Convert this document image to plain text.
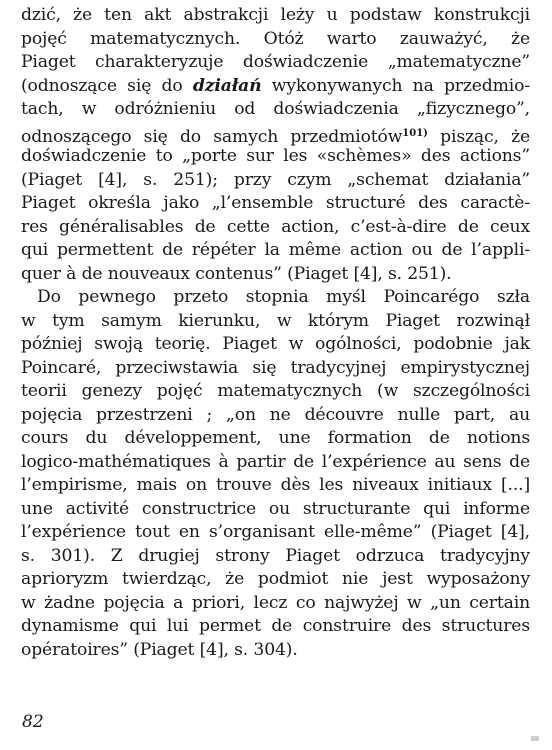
dzić, że ten akt abstrakcji leży u podstaw konstrukcji
pojęć matematycznych. Otóż warto zauważyć, że
Piaget charakteryzuje doświadczenie „matematyczne”
(odnoszące się do działań wykonywanych na przedmio-
tach, w odróżnieniu od doświadczenia „fizycznego”,
odnoszącego się do samych przedmiotów$^{101)}$ pisząc, że
doświadczenie to „porte sur les «schèmes» des actions”
(Piaget [4], s. 251); przy czym „schemat działania”
Piaget określa jako „l’ensemble structuré des caractè-
res généralisables de cette action, c’est-à-dire de ceux
qui permettent de répéter la même action ou de l’appli-
quer à de nouveaux contenus” (Piaget [4], s. 251).
Do pewnego przeto stopnia myśl Poincarégo szła
w tym samym kierunku, w którym Piaget rozwinął
później swoją teorię. Piaget w ogólności, podobnie jak
Poincaré, przeciwstawia się tradycyjnej empirystycznej
teorii genezy pojęć matematycznych (w szczególności
pojęcia przestrzeni ; „on ne découvre nulle part, au
cours du développement, une formation de notions
logico-mathématiques à partir de l’expérience au sens de
l’empirisme, mais on trouve dès les niveaux initiaux [...]
une activité constructrice ou structurante qui informe
l’expérience tout en s’organisant elle-même” (Piaget [4],
s. 301). Z drugiej strony Piaget odrzuca tradycyjny
aprioryzm twierdząc, że podmiot nie jest wyposażony
w żadne pojęcia a priori, lecz co najwyżej w „un certain
dynamisme qui lui permet de construire des structures
opératoires” (Piaget [4], s. 304).
82
